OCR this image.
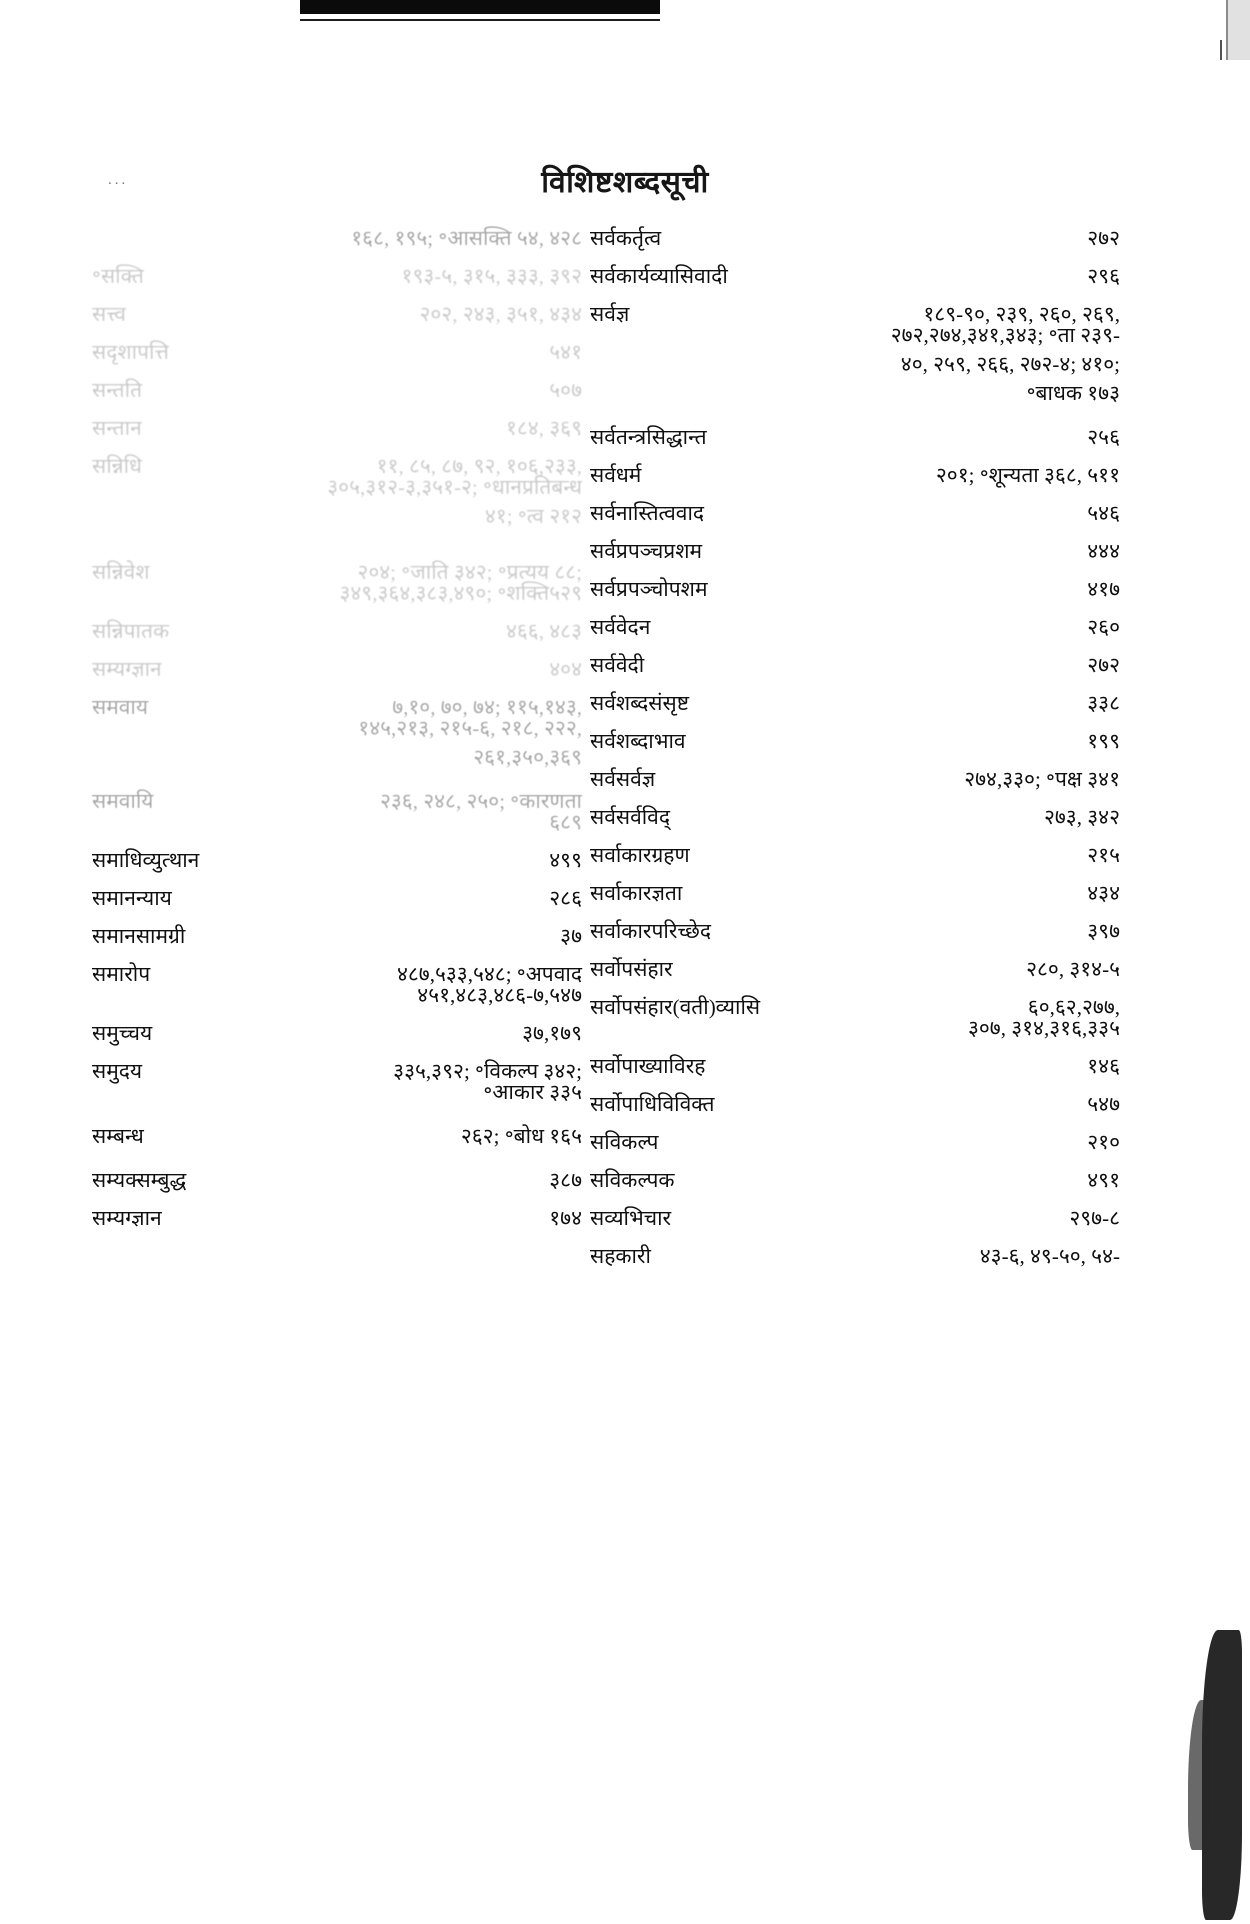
...	विशिष्टशब्दसूची
१६८, १९५; ॰आसक्ति ५४, ४२८
॰सक्ति	१९३-५, ३१५, ३३३, ३९२
सत्त्व	२०२, २४३, ३५१, ४३४
सदृशापत्ति	५४१
सन्तति	५०७
सन्तान	१८४, ३६९
सन्निधि	११, ८५, ८७, ९२, १०६,२३३,
३०५,३१२-३,३५१-२; ॰धानप्रतिबन्ध
४१; ॰त्व २१२
सन्निवेश	२०४; ॰जाति ३४२; ॰प्रत्यय ८८;
३४९,३६४,३८३,४९०; ॰शक्ति५२९
सन्निपातक	४६६, ४८३
सम्यग्ज्ञान	४०४
समवाय	७,१०, ७०, ७४; ११५,१४३,
१४५,२१३, २१५-६, २१८, २२२,
२६१,३५०,३६९
समवायि	२३६, २४८, २५०; ॰कारणता
६८९
समाधिव्युत्थान	४९९
समानन्याय	२८६
समानसामग्री	३७
समारोप	४८७,५३३,५४८; ॰अपवाद
४५१,४८३,४८६-७,५४७
समुच्चय	३७,१७९
समुदय	३३५,३९२; ॰विकल्प ३४२;
॰आकार ३३५
सम्बन्ध	२६२; ॰बोध १६५
सम्यक्सम्बुद्ध	३८७
सम्यग्ज्ञान	१७४
सर्वकर्तृत्व	२७२
सर्वकार्यव्यासिवादी	२९६
सर्वज्ञ	१८९-९०, २३९, २६०, २६९,
२७२,२७४,३४१,३४३; ॰ता २३९-
४०, २५९, २६६, २७२-४; ४१०;
॰बाधक १७३
सर्वतन्त्रसिद्धान्त	२५६
सर्वधर्म	२०१; ॰शून्यता ३६८, ५११
सर्वनास्तित्ववाद	५४६
सर्वप्रपञ्चप्रशम	४४४
सर्वप्रपञ्चोपशम	४१७
सर्ववेदन	२६०
सर्ववेदी	२७२
सर्वशब्दसंसृष्ट	३३८
सर्वशब्दाभाव	१९९
सर्वसर्वज्ञ	२७४,३३०; ॰पक्ष ३४१
सर्वसर्वविद्	२७३, ३४२
सर्वाकारग्रहण	२१५
सर्वाकारज्ञता	४३४
सर्वाकारपरिच्छेद	३९७
सर्वोपसंहार	२८०, ३१४-५
सर्वोपसंहार(वती)व्यासि	६०,६२,२७७,
३०७, ३१४,३१६,३३५
सर्वोपाख्याविरह	१४६
सर्वोपाधिविविक्त	५४७
सविकल्प	२१०
सविकल्पक	४९१
सव्यभिचार	२९७-८
सहकारी	४३-६, ४९-५०, ५४-
